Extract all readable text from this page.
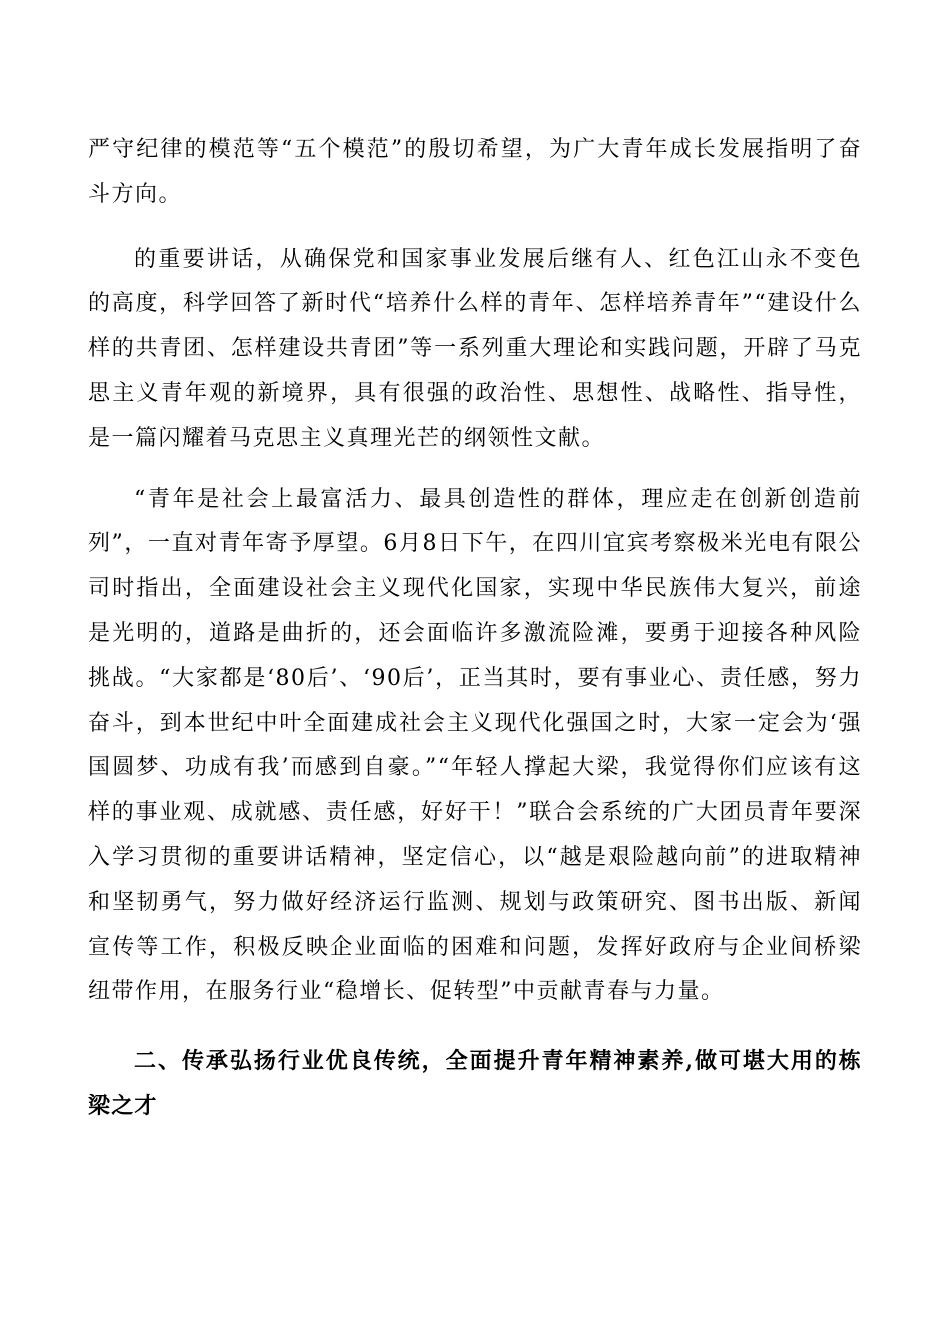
严守纪律的模范等“五个模范”的殷切希望，为广大青年成长发展指明了奋斗方向。

的重要讲话，从确保党和国家事业发展后继有人、红色江山永不变色的高度，科学回答了新时代“培养什么样的青年、怎样培养青年”“建设什么样的共青团、怎样建设共青团”等一系列重大理论和实践问题，开辟了马克思主义青年观的新境界，具有很强的政治性、思想性、战略性、指导性，是一篇闪耀着马克思主义真理光芒的纲领性文献。

“青年是社会上最富活力、最具创造性的群体，理应走在创新创造前列”，一直对青年寄予厚望。6月8日下午，在四川宜宾考察极米光电有限公司时指出，全面建设社会主义现代化国家，实现中华民族伟大复兴，前途是光明的，道路是曲折的，还会面临许多激流险滩，要勇于迎接各种风险挑战。“大家都是‘80后’、‘90后’，正当其时，要有事业心、责任感，努力奋斗，到本世纪中叶全面建成社会主义现代化强国之时，大家一定会为‘强国圆梦、功成有我’而感到自豪。”“年轻人撑起大梁，我觉得你们应该有这样的事业观、成就感、责任感，好好干！”联合会系统的广大团员青年要深入学习贯彻的重要讲话精神，坚定信心，以“越是艰险越向前”的进取精神和坚韧勇气，努力做好经济运行监测、规划与政策研究、图书出版、新闻宣传等工作，积极反映企业面临的困难和问题，发挥好政府与企业间桥梁纽带作用，在服务行业“稳增长、促转型”中贡献青春与力量。

二、传承弘扬行业优良传统，全面提升青年精神素养,做可堪大用的栋梁之才
